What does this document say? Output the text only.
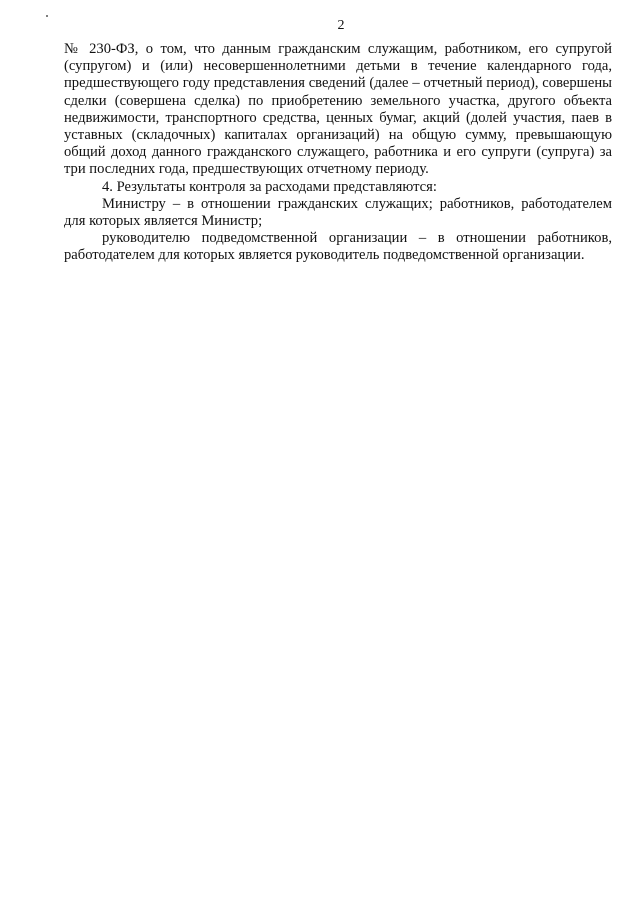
2

№ 230-ФЗ, о том, что данным гражданским служащим, работником, его супругой (супругом) и (или) несовершеннолетними детьми в течение календарного года, предшествующего году представления сведений (далее – отчетный период), совершены сделки (совершена сделка) по приобретению земельного участка, другого объекта недвижимости, транспортного средства, ценных бумаг, акций (долей участия, паев в уставных (складочных) капиталах организаций) на общую сумму, превышающую общий доход данного гражданского служащего, работника и его супруги (супруга) за три последних года, предшествующих отчетному периоду.

4. Результаты контроля за расходами представляются:

Министру – в отношении гражданских служащих; работников, работодателем для которых является Министр;

руководителю подведомственной организации – в отношении работников, работодателем для которых является руководитель подведомственной организации.
